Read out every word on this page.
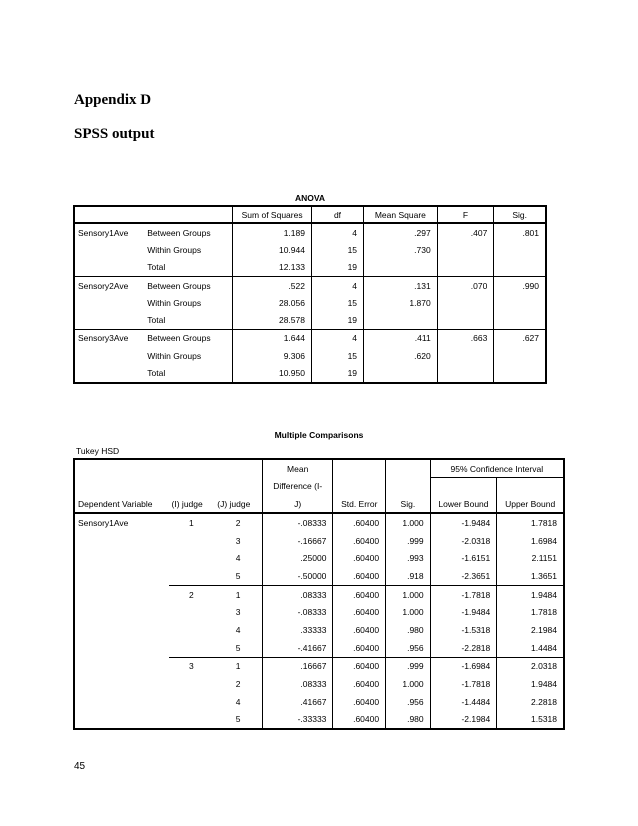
Appendix D
SPSS output
ANOVA
		Sum of Squares	df	Mean Square	F	Sig.
Sensory1Ave	Between Groups	1.189	4	.297	.407	.801
	Within Groups	10.944	15	.730		
	Total	12.133	19			
Sensory2Ave	Between Groups	.522	4	.131	.070	.990
	Within Groups	28.056	15	1.870		
	Total	28.578	19			
Sensory3Ave	Between Groups	1.644	4	.411	.663	.627
	Within Groups	9.306	15	.620		
	Total	10.950	19			
Multiple Comparisons
Tukey HSD
Dependent Variable	(I) judge	(J) judge	Mean	Std. Error	Sig.	95% Confidence Interval	
			Difference (I-				
			J)			Lower Bound	Upper Bound
Sensory1Ave	1	2	-.08333	.60400	1.000	-1.9484	1.7818
		3	-.16667	.60400	.999	-2.0318	1.6984
		4	.25000	.60400	.993	-1.6151	2.1151
		5	-.50000	.60400	.918	-2.3651	1.3651
	2	1	.08333	.60400	1.000	-1.7818	1.9484
		3	-.08333	.60400	1.000	-1.9484	1.7818
		4	.33333	.60400	.980	-1.5318	2.1984
		5	-.41667	.60400	.956	-2.2818	1.4484
	3	1	.16667	.60400	.999	-1.6984	2.0318
		2	.08333	.60400	1.000	-1.7818	1.9484
		4	.41667	.60400	.956	-1.4484	2.2818
		5	-.33333	.60400	.980	-2.1984	1.5318
45
